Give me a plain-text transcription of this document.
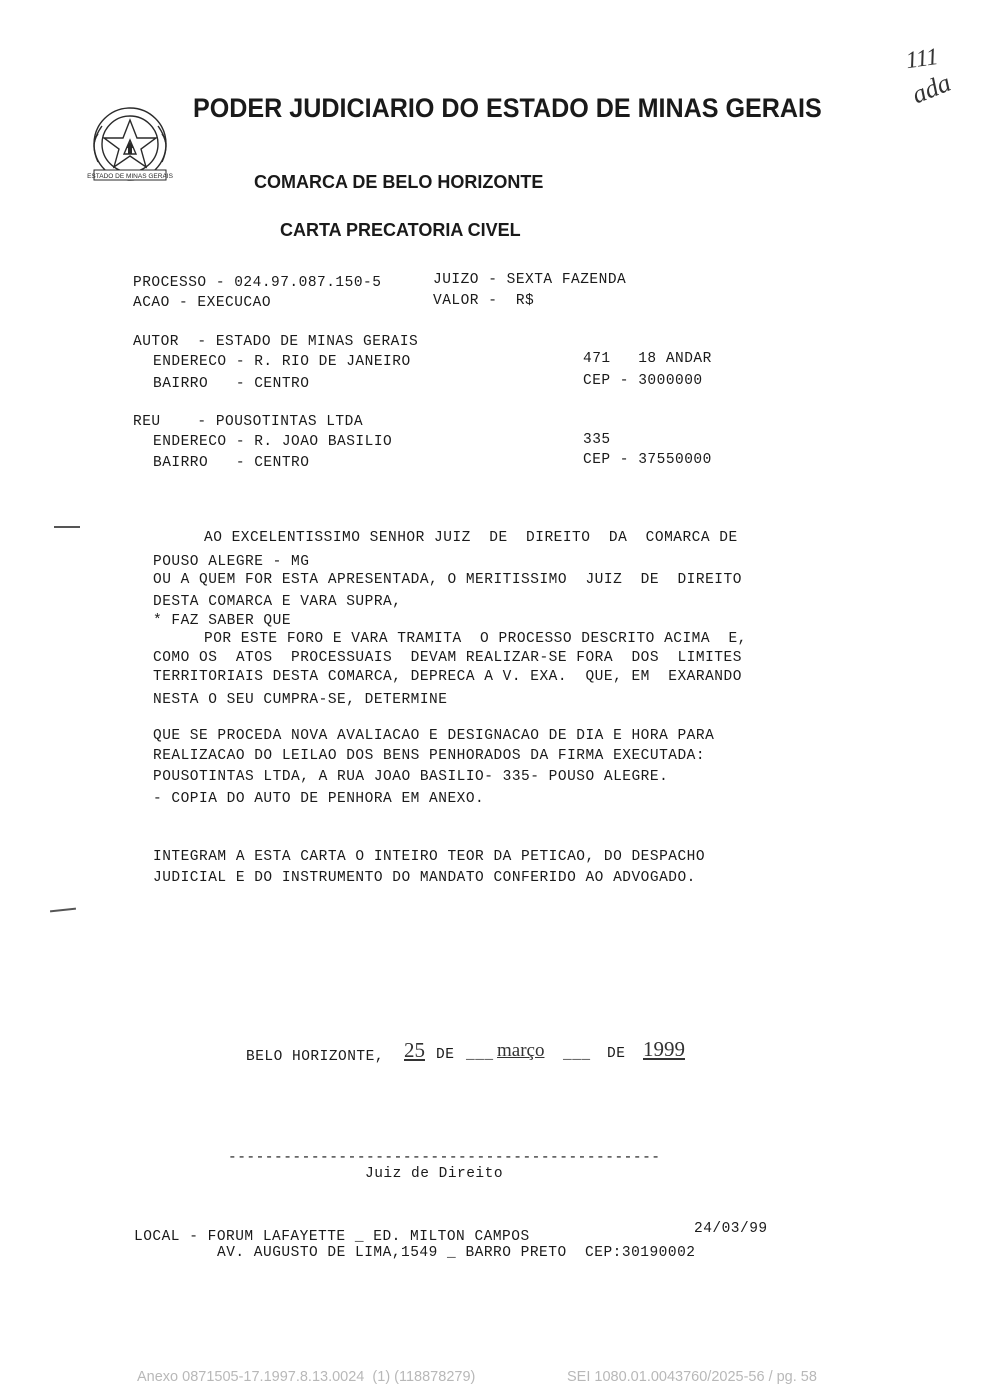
ESTADO DE MINAS GERAIS
PODER JUDICIARIO DO ESTADO DE MINAS GERAIS
COMARCA DE BELO HORIZONTE
CARTA PRECATORIA CIVEL
111
ada
PROCESSO - 024.97.087.150-5	JUIZO - SEXTA FAZENDA
ACAO - EXECUCAO	VALOR -  R$
AUTOR  - ESTADO DE MINAS GERAIS
ENDERECO - R. RIO DE JANEIRO	471   18 ANDAR
BAIRRO   - CENTRO	CEP - 3000000
REU    - POUSOTINTAS LTDA
ENDERECO - R. JOAO BASILIO	335
BAIRRO   - CENTRO	CEP - 37550000
AO EXCELENTISSIMO SENHOR JUIZ  DE  DIREITO  DA  COMARCA DE
POUSO ALEGRE - MG
OU A QUEM FOR ESTA APRESENTADA, O MERITISSIMO  JUIZ  DE  DIREITO
DESTA COMARCA E VARA SUPRA,
* FAZ SABER QUE
POR ESTE FORO E VARA TRAMITA  O PROCESSO DESCRITO ACIMA  E,
COMO OS  ATOS  PROCESSUAIS  DEVAM REALIZAR-SE FORA  DOS  LIMITES
TERRITORIAIS DESTA COMARCA, DEPRECA A V. EXA.  QUE, EM  EXARANDO
NESTA O SEU CUMPRA-SE, DETERMINE
QUE SE PROCEDA NOVA AVALIACAO E DESIGNACAO DE DIA E HORA PARA
REALIZACAO DO LEILAO DOS BENS PENHORADOS DA FIRMA EXECUTADA:
POUSOTINTAS LTDA, A RUA JOAO BASILIO- 335- POUSO ALEGRE.
- COPIA DO AUTO DE PENHORA EM ANEXO.
INTEGRAM A ESTA CARTA O INTEIRO TEOR DA PETICAO, DO DESPACHO
JUDICIAL E DO INSTRUMENTO DO MANDATO CONFERIDO AO ADVOGADO.
BELO HORIZONTE, 25 DE ___ março ___ DE 1999
-----------------------------------------------
Juiz de Direito
LOCAL - FORUM LAFAYETTE _ ED. MILTON CAMPOS	24/03/99
AV. AUGUSTO DE LIMA,1549 _ BARRO PRETO  CEP:30190002
Anexo 0871505-17.1997.8.13.0024  (1) (118878279)	SEI 1080.01.0043760/2025-56 / pg. 58
